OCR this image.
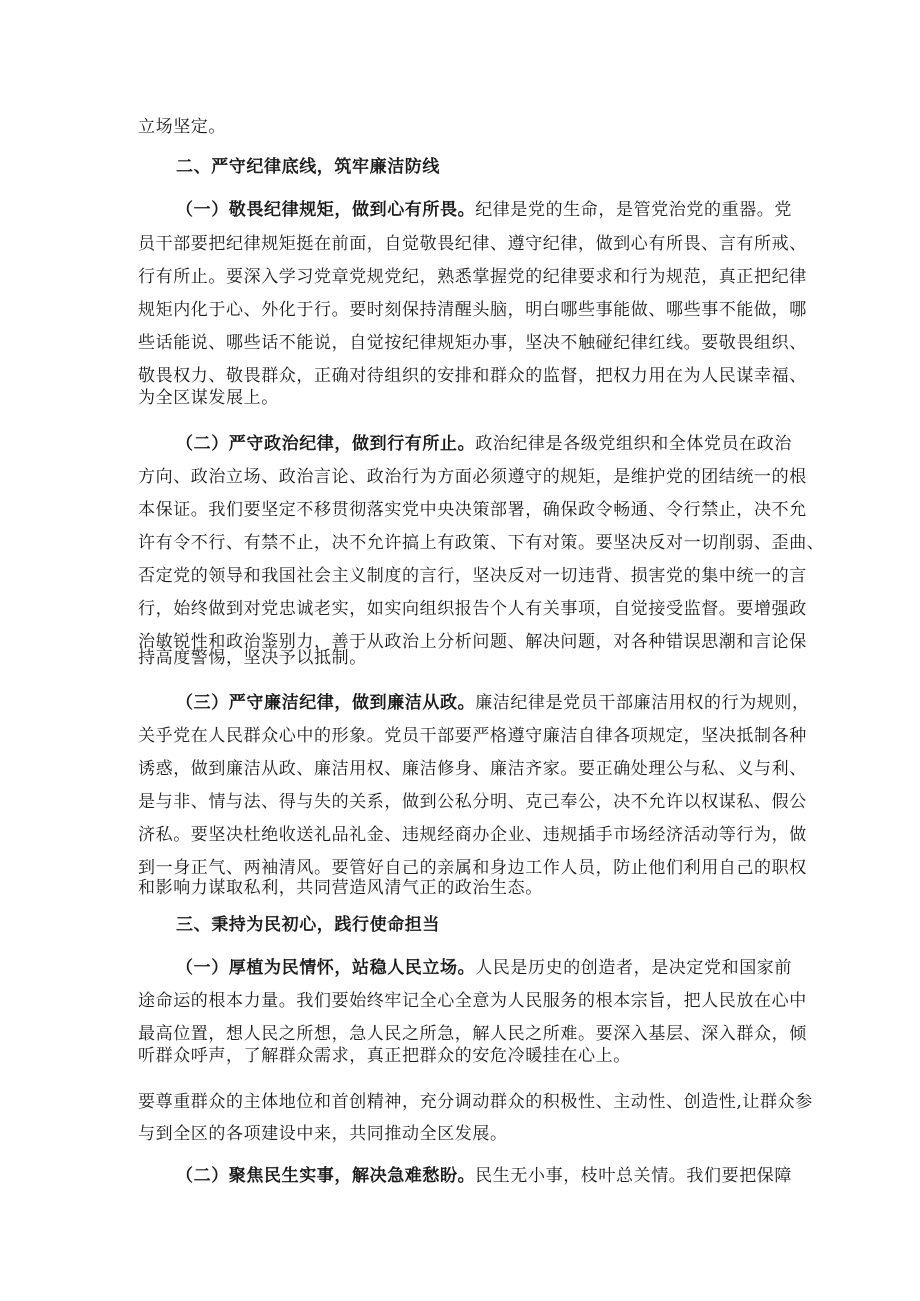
立场坚定。
二、严守纪律底线，筑牢廉洁防线
（一）敬畏纪律规矩，做到心有所畏。纪律是党的生命，是管党治党的重器。党
员干部要把纪律规矩挺在前面，自觉敬畏纪律、遵守纪律，做到心有所畏、言有所戒、
行有所止。要深入学习党章党规党纪，熟悉掌握党的纪律要求和行为规范，真正把纪律
规矩内化于心、外化于行。要时刻保持清醒头脑，明白哪些事能做、哪些事不能做，哪
些话能说、哪些话不能说，自觉按纪律规矩办事，坚决不触碰纪律红线。要敬畏组织、
敬畏权力、敬畏群众，正确对待组织的安排和群众的监督，把权力用在为人民谋幸福、
为全区谋发展上。
（二）严守政治纪律，做到行有所止。政治纪律是各级党组织和全体党员在政治
方向、政治立场、政治言论、政治行为方面必须遵守的规矩，是维护党的团结统一的根
本保证。我们要坚定不移贯彻落实党中央决策部署，确保政令畅通、令行禁止，决不允
许有令不行、有禁不止，决不允许搞上有政策、下有对策。要坚决反对一切削弱、歪曲、
否定党的领导和我国社会主义制度的言行，坚决反对一切违背、损害党的集中统一的言
行，始终做到对党忠诚老实，如实向组织报告个人有关事项，自觉接受监督。要增强政
治敏锐性和政治鉴别力，善于从政治上分析问题、解决问题，对各种错误思潮和言论保
持高度警惕，坚决予以抵制。
（三）严守廉洁纪律，做到廉洁从政。廉洁纪律是党员干部廉洁用权的行为规则，
关乎党在人民群众心中的形象。党员干部要严格遵守廉洁自律各项规定，坚决抵制各种
诱惑，做到廉洁从政、廉洁用权、廉洁修身、廉洁齐家。要正确处理公与私、义与利、
是与非、情与法、得与失的关系，做到公私分明、克己奉公，决不允许以权谋私、假公
济私。要坚决杜绝收送礼品礼金、违规经商办企业、违规插手市场经济活动等行为，做
到一身正气、两袖清风。要管好自己的亲属和身边工作人员，防止他们利用自己的职权
和影响力谋取私利，共同营造风清气正的政治生态。
三、秉持为民初心，践行使命担当
（一）厚植为民情怀，站稳人民立场。人民是历史的创造者，是决定党和国家前
途命运的根本力量。我们要始终牢记全心全意为人民服务的根本宗旨，把人民放在心中
最高位置，想人民之所想，急人民之所急，解人民之所难。要深入基层、深入群众，倾
听群众呼声，了解群众需求，真正把群众的安危冷暖挂在心上。
要尊重群众的主体地位和首创精神，充分调动群众的积极性、主动性、创造性,让群众参
与到全区的各项建设中来，共同推动全区发展。
（二）聚焦民生实事，解决急难愁盼。民生无小事，枝叶总关情。我们要把保障
